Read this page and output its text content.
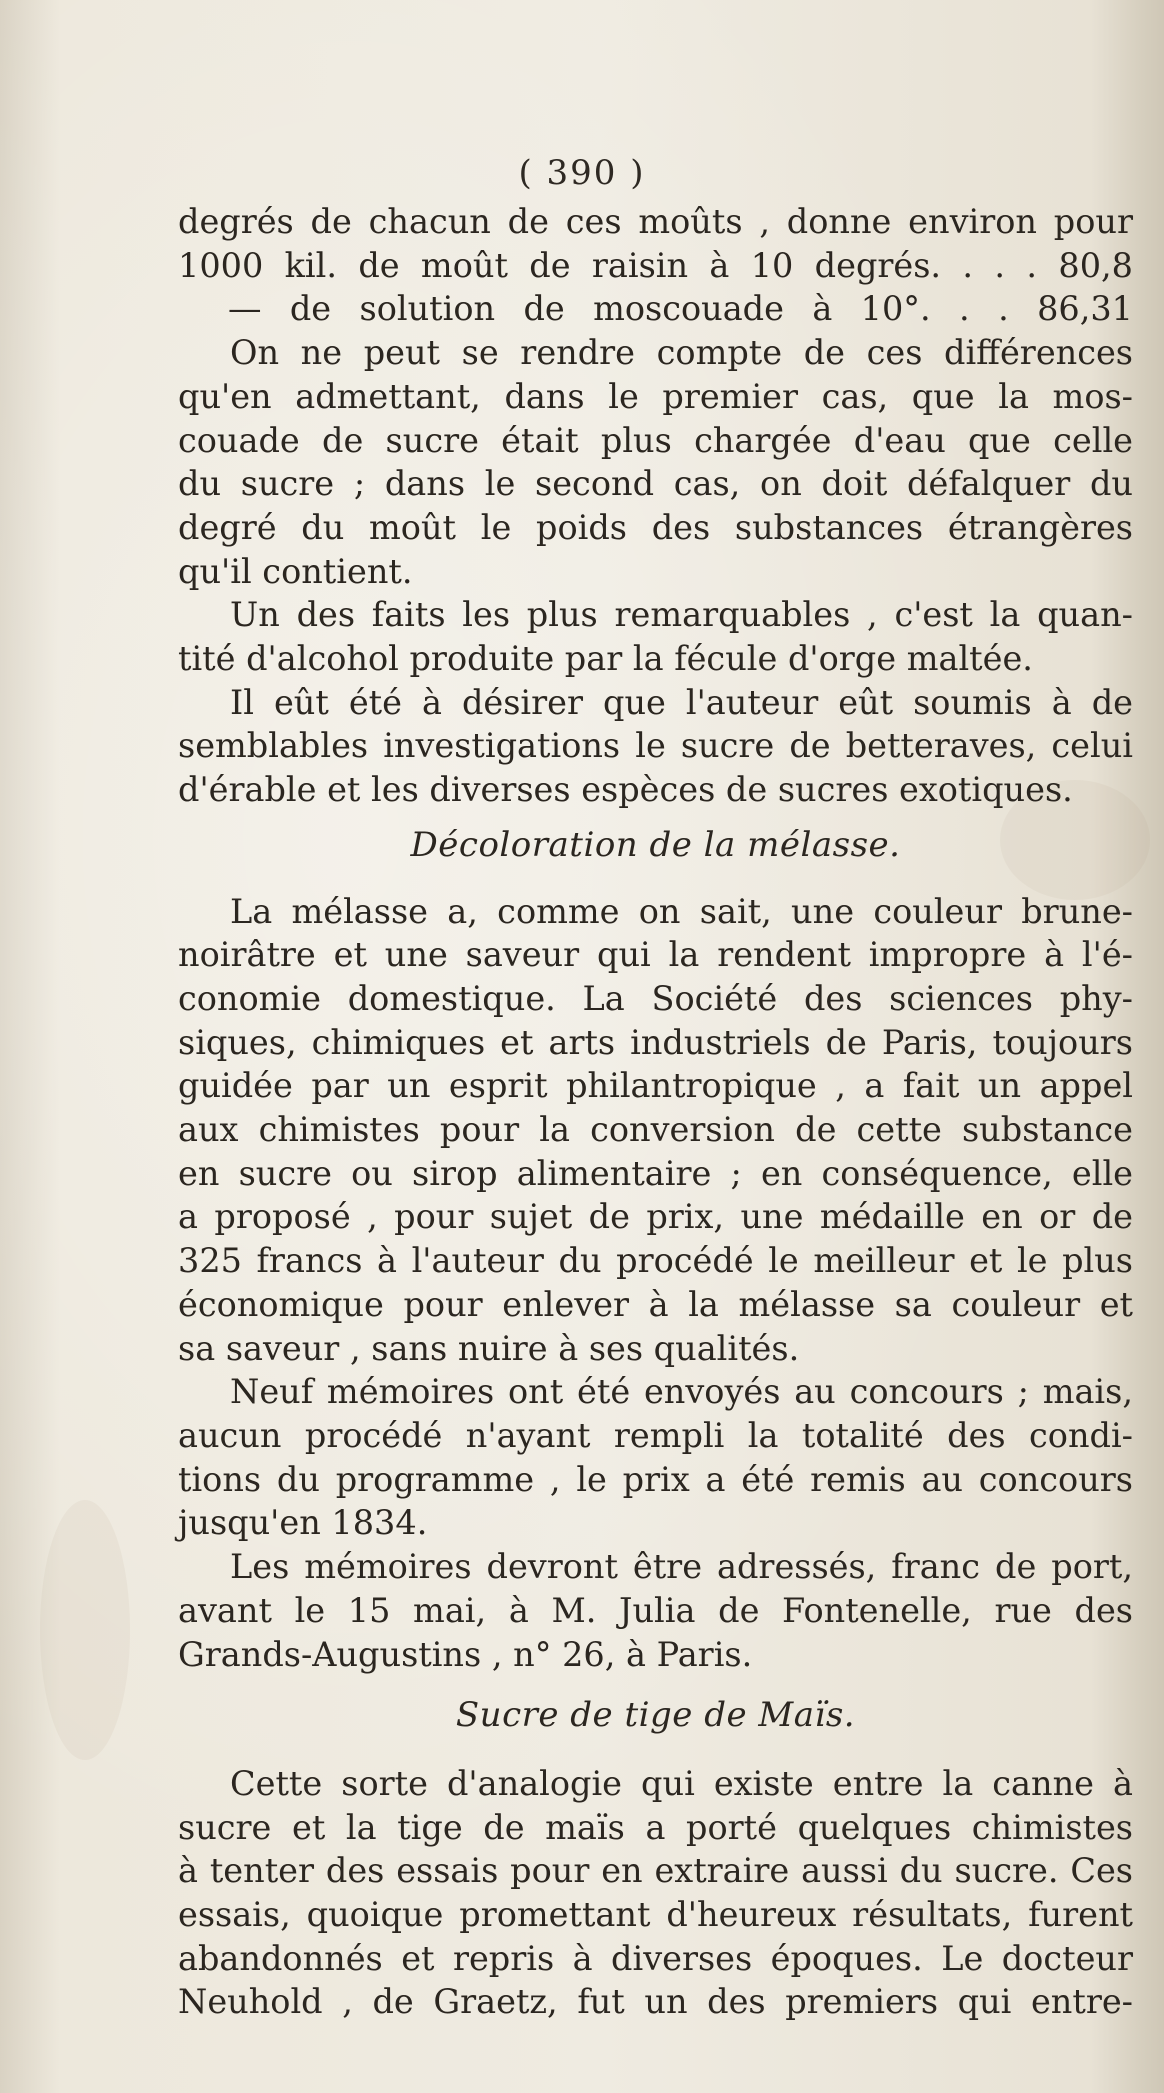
( 390 )
degrés de chacun de ces moûts , donne environ pour
1000 kil. de moût de raisin à 10 degrés. . . . 80,8
— de solution de moscouade à 10°. . . 86,31
On ne peut se rendre compte de ces différences
qu'en admettant, dans le premier cas, que la mos-
couade de sucre était plus chargée d'eau que celle
du sucre ; dans le second cas, on doit défalquer du
degré du moût le poids des substances étrangères
qu'il contient.
Un des faits les plus remarquables , c'est la quan-
tité d'alcohol produite par la fécule d'orge maltée.
Il eût été à désirer que l'auteur eût soumis à de
semblables investigations le sucre de betteraves, celui
d'érable et les diverses espèces de sucres exotiques.
Décoloration de la mélasse.
La mélasse a, comme on sait, une couleur brune-
noirâtre et une saveur qui la rendent impropre à l'é-
conomie domestique. La Société des sciences phy-
siques, chimiques et arts industriels de Paris, toujours
guidée par un esprit philantropique , a fait un appel
aux chimistes pour la conversion de cette substance
en sucre ou sirop alimentaire ; en conséquence, elle
a proposé , pour sujet de prix, une médaille en or de
325 francs à l'auteur du procédé le meilleur et le plus
économique pour enlever à la mélasse sa couleur et
sa saveur , sans nuire à ses qualités.
Neuf mémoires ont été envoyés au concours ; mais,
aucun procédé n'ayant rempli la totalité des condi-
tions du programme , le prix a été remis au concours
jusqu'en 1834.
Les mémoires devront être adressés, franc de port,
avant le 15 mai, à M. Julia de Fontenelle, rue des
Grands-Augustins , n° 26, à Paris.
Sucre de tige de Maïs.
Cette sorte d'analogie qui existe entre la canne à
sucre et la tige de maïs a porté quelques chimistes
à tenter des essais pour en extraire aussi du sucre. Ces
essais, quoique promettant d'heureux résultats, furent
abandonnés et repris à diverses époques. Le docteur
Neuhold , de Graetz, fut un des premiers qui entre-
